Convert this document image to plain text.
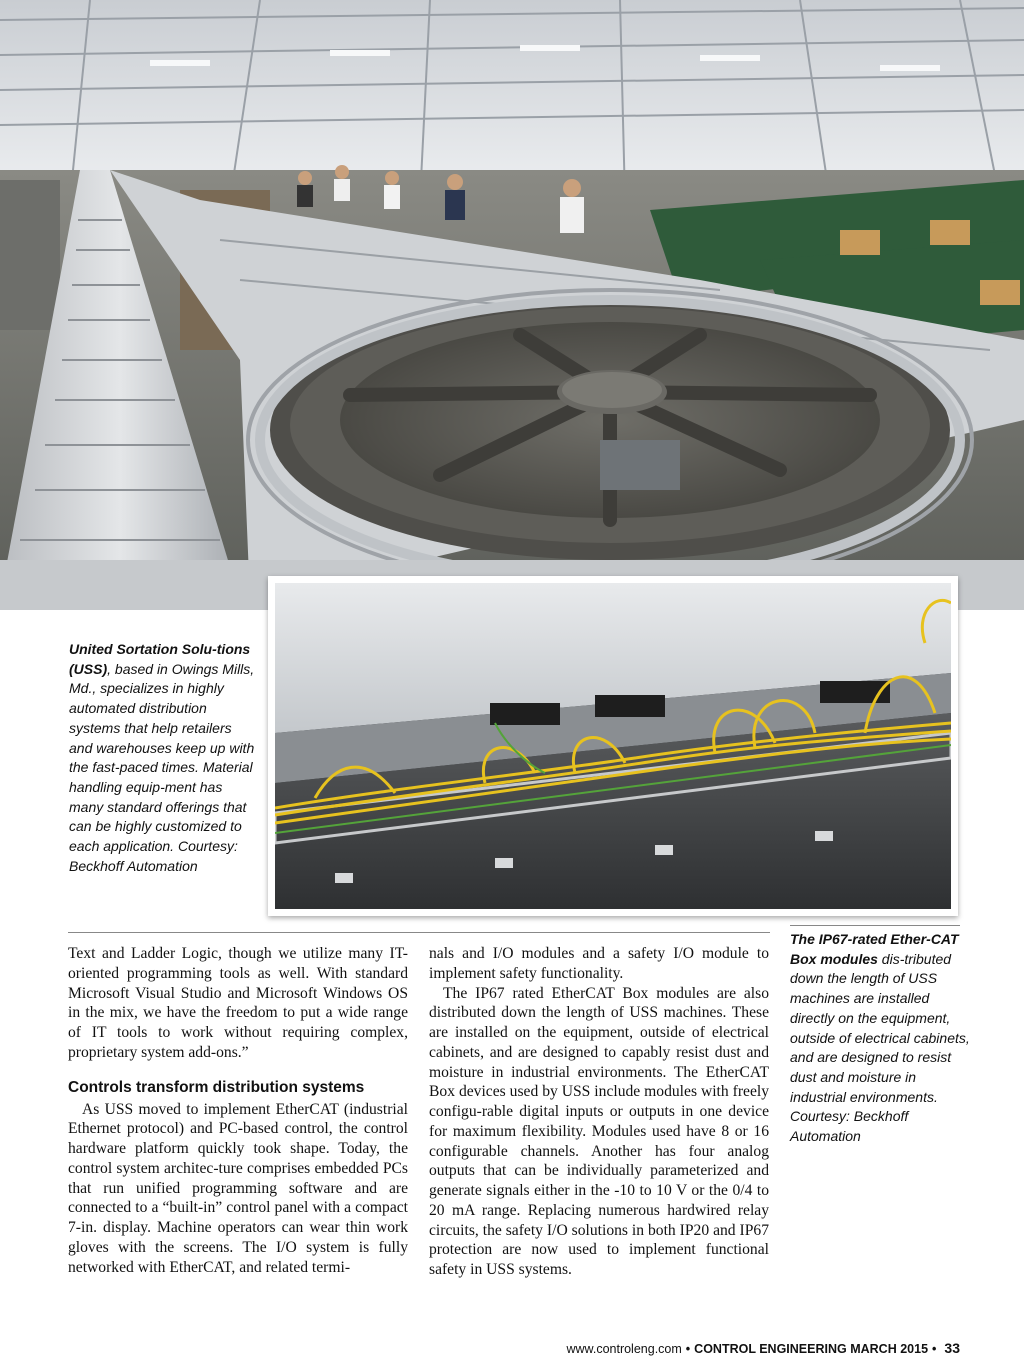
United Sortation Solu-tions (USS), based in Owings Mills, Md., specializes in highly automated distribution systems that help retailers and warehouses keep up with the fast-paced times. Material handling equip-ment has many standard offerings that can be highly customized to each application. Courtesy: Beckhoff Automation
The IP67-rated Ether-CAT Box modules dis-tributed down the length of USS machines are installed directly on the equipment, outside of electrical cabinets, and are designed to resist dust and moisture in industrial environments. Courtesy: Beckhoff Automation

Text and Ladder Logic, though we utilize many IT-oriented programming tools as well. With standard Microsoft Visual Studio and Microsoft Windows OS in the mix, we have the freedom to put a wide range of IT tools to work without requiring complex, proprietary system add-ons.”

Controls transform distribution systems

As USS moved to implement EtherCAT (industrial Ethernet protocol) and PC-based control, the control hardware platform quickly took shape. Today, the control system architec-ture comprises embedded PCs that run unified programming software and are connected to a “built-in” control panel with a compact 7-in. display. Machine operators can wear thin work gloves with the screens. The I/O system is fully networked with EtherCAT, and related termi-

nals and I/O modules and a safety I/O module to implement safety functionality.

The IP67 rated EtherCAT Box modules are also distributed down the length of USS machines. These are installed on the equipment, outside of electrical cabinets, and are designed to capably resist dust and moisture in industrial environments. The EtherCAT Box devices used by USS include modules with freely configu-rable digital inputs or outputs in one device for maximum flexibility. Modules used have 8 or 16 configurable channels. Another has four analog outputs that can be individually parameterized and generate signals either in the -10 to 10 V or the 0/4 to 20 mA range. Replacing numerous hardwired relay circuits, the safety I/O solutions in both IP20 and IP67 protection are now used to implement functional safety in USS systems.

www.controleng.com • CONTROL ENGINEERING MARCH 2015 • 33
